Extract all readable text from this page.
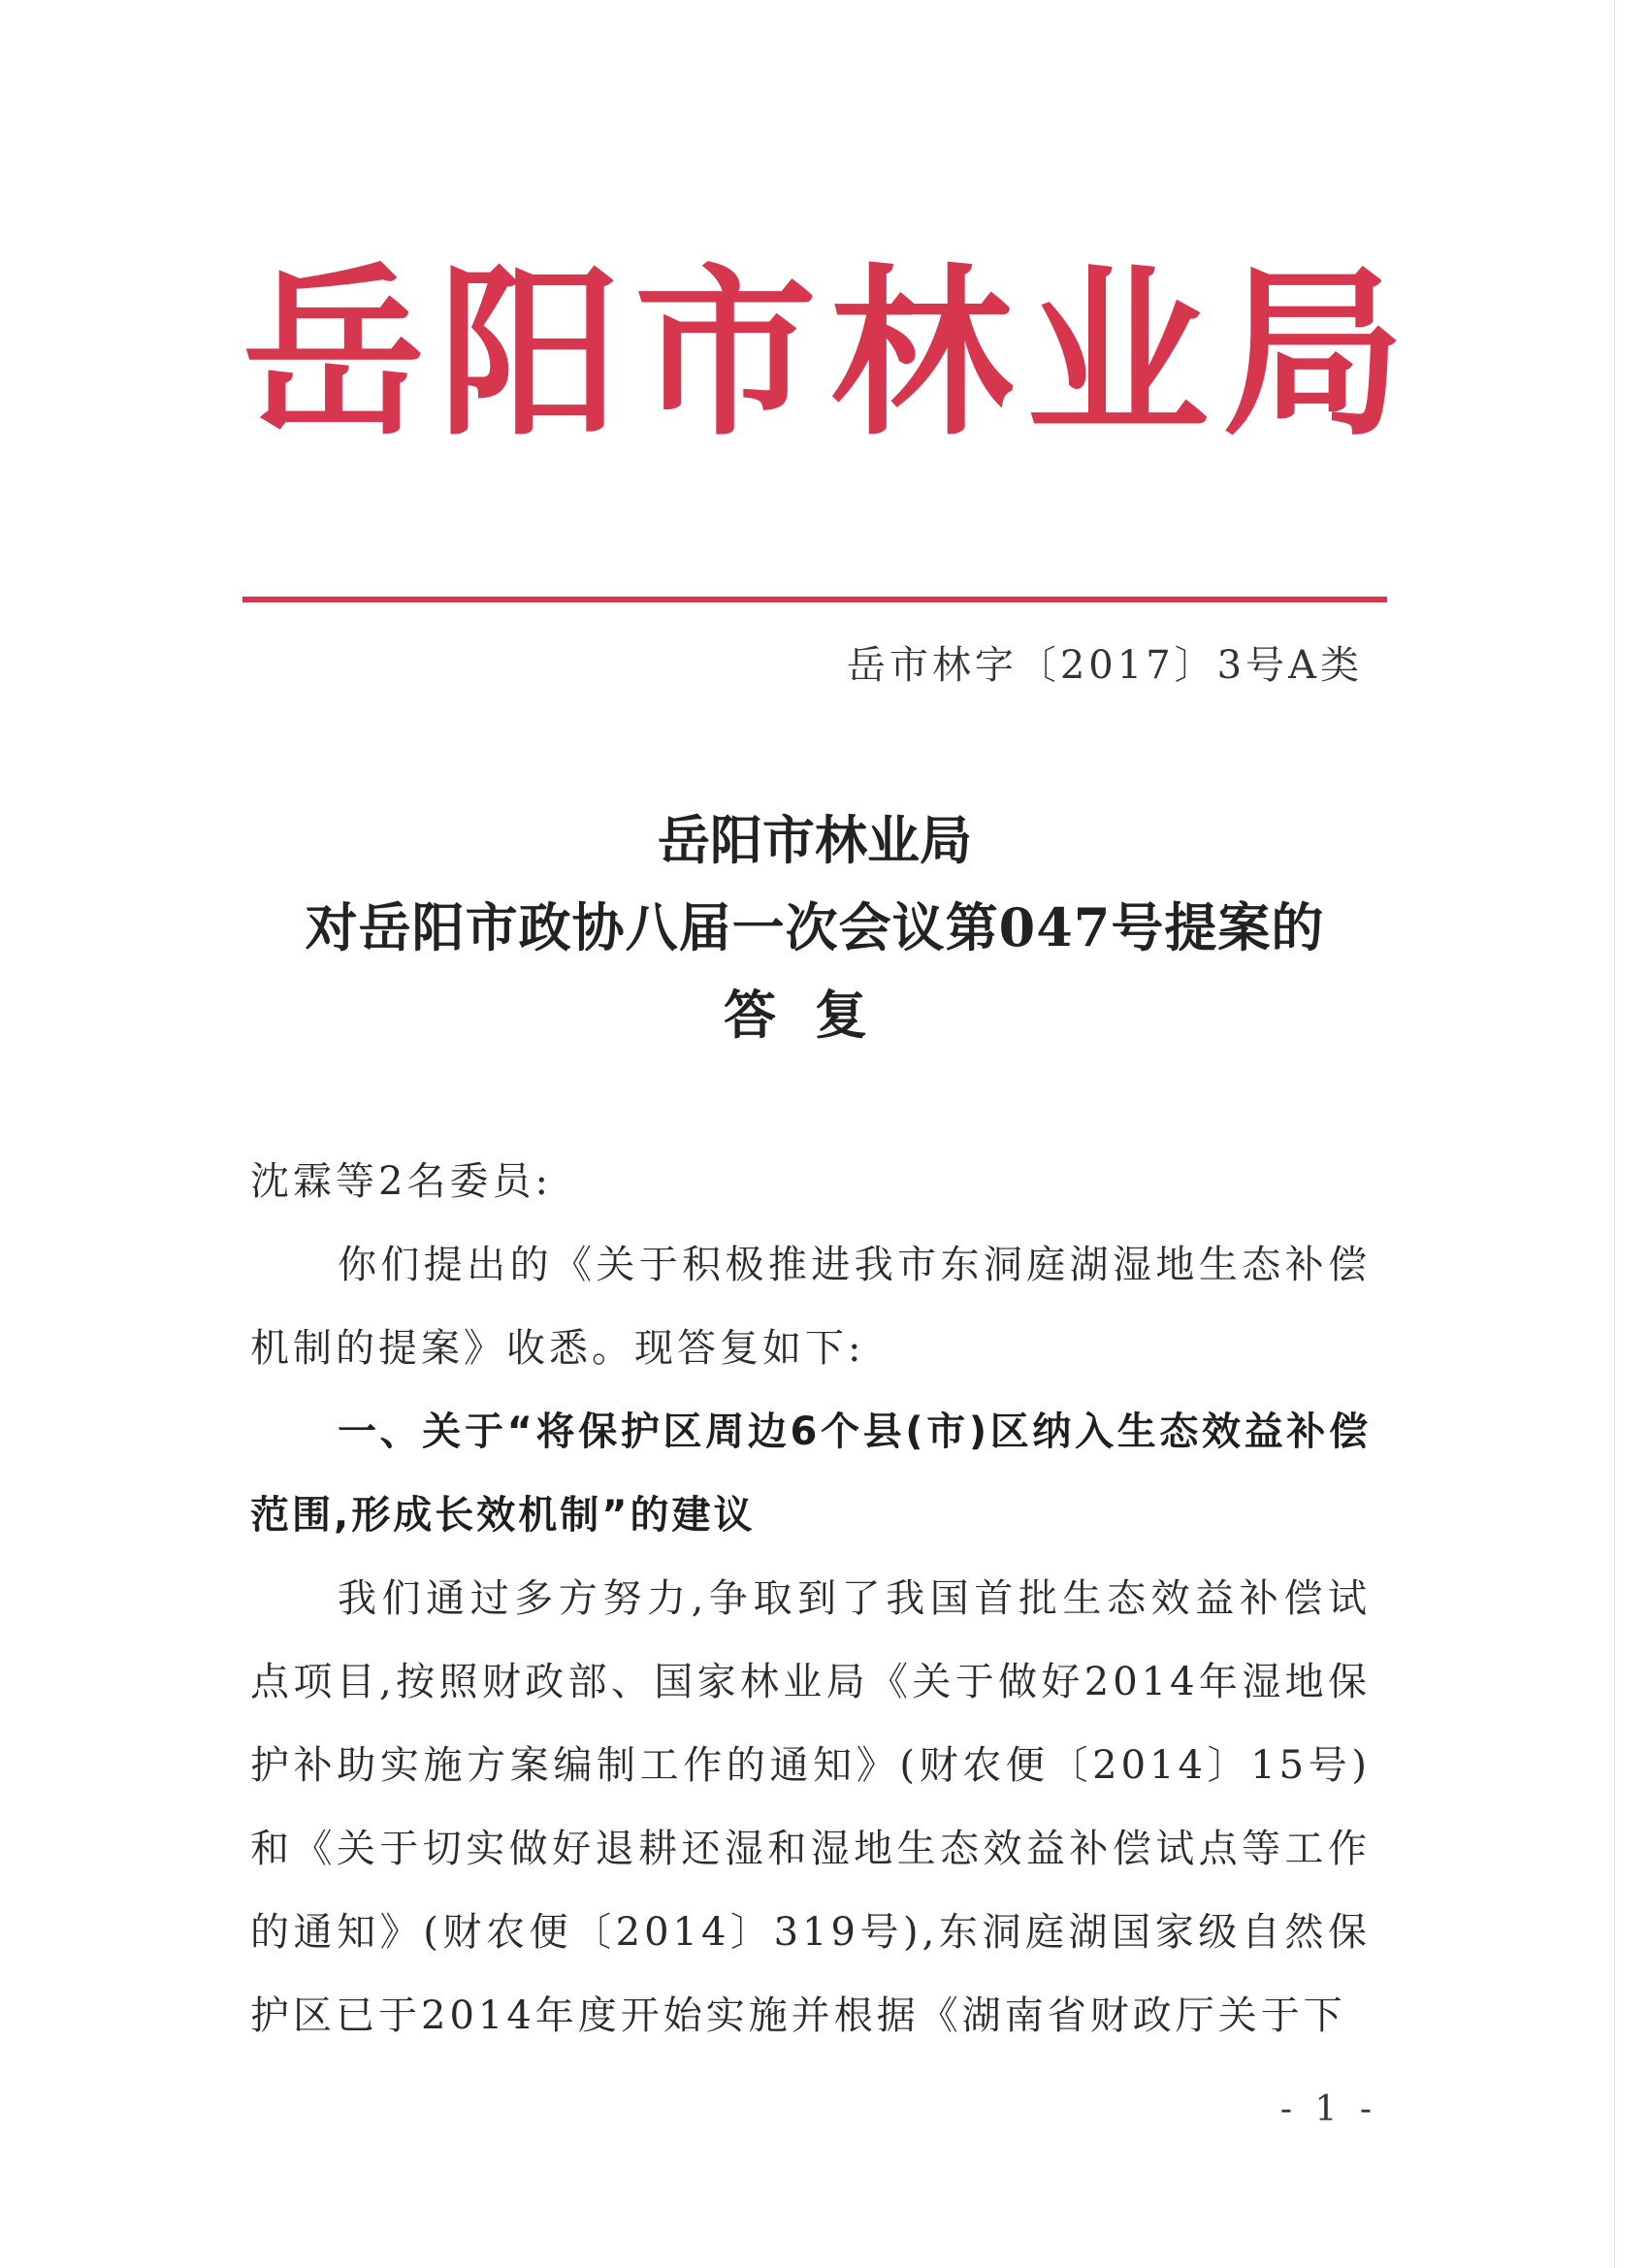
岳阳市林业局
岳市林字〔2017〕3号A类
岳阳市林业局
对岳阳市政协八届一次会议第047号提案的
答复
沈霖等2名委员:
你们提出的《关于积极推进我市东洞庭湖湿地生态补偿机制的提案》收悉。现答复如下:
一、关于“将保护区周边6个县(市)区纳入生态效益补偿范围,形成长效机制”的建议
我们通过多方努力,争取到了我国首批生态效益补偿试点项目,按照财政部、国家林业局《关于做好2014年湿地保护补助实施方案编制工作的通知》(财农便〔2014〕15号)和《关于切实做好退耕还湿和湿地生态效益补偿试点等工作的通知》(财农便〔2014〕319号),东洞庭湖国家级自然保护区已于2014年度开始实施并根据《湖南省财政厅关于下
- 1 -
